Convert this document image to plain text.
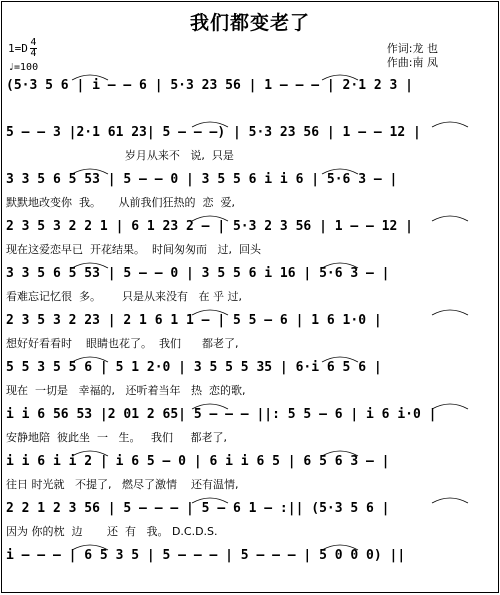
我们都变老了
$1=D \frac{4}{4}$
♩=100
作词:龙 也
作曲:南 凤
(5·3 5 6 | i — — 6 | 5·3 23 56 | 1 — — — | 2·1 2 3 |
5 — — 3 |2·1 61 23| 5 — — —) | 5·3 23 56 | 1 — — 12 |
岁月从来不   说,  只是
3 3 5 6 5 53 | 5 — — 0 | 3 5 5 6 i i 6 | 5·6 3 — |
默默地改变你  我。     从前我们狂热的  恋  爱,
2 3 5 3 2 2 1 | 6 1 23 2 — | 5·3 2 3 56 | 1 — — 12 |
现在这爱恋早已  开花结果。  时间匆匆而   过,  回头
3 3 5 6 5 53 | 5 — — 0 | 3 5 5 6 i 16 | 5·6 3 — |
看难忘记忆很  多。      只是从来没有   在 乎 过,
2 3 5 3 2 23 | 2 1 6 1 1 — | 5 5 — 6 | 1 6 1·0 |
想好好看看时    眼睛也花了。  我们      都老了,
5 5 3 5 5 6 | 5 1 2·0 | 3 5 5 5 35 | 6·i 6 5 6 |
现在  一切是   幸福的,   还听着当年   热  恋的歌,
i i 6 56 53 |2 01 2 65| 5 — — — ||: 5 5 — 6 | i 6 i·0 |
安静地陪  彼此坐  一   生。   我们     都老了,
i i 6 i i 2 | i 6 5 — 0 | 6 i i 6 5 | 6 5 6 3 — |
往日 时光就   不提了,   燃尽了激情    还有温情,
2 2 1 2 3 56 | 5 — — — | 5 — 6 1 — :|| (5·3 5 6 |
因为 你的枕  边       还  有   我。 D.C.D.S.
i — — — | 6 5 3 5 | 5 — — — | 5 — — — | 5 0 0 0) ||
